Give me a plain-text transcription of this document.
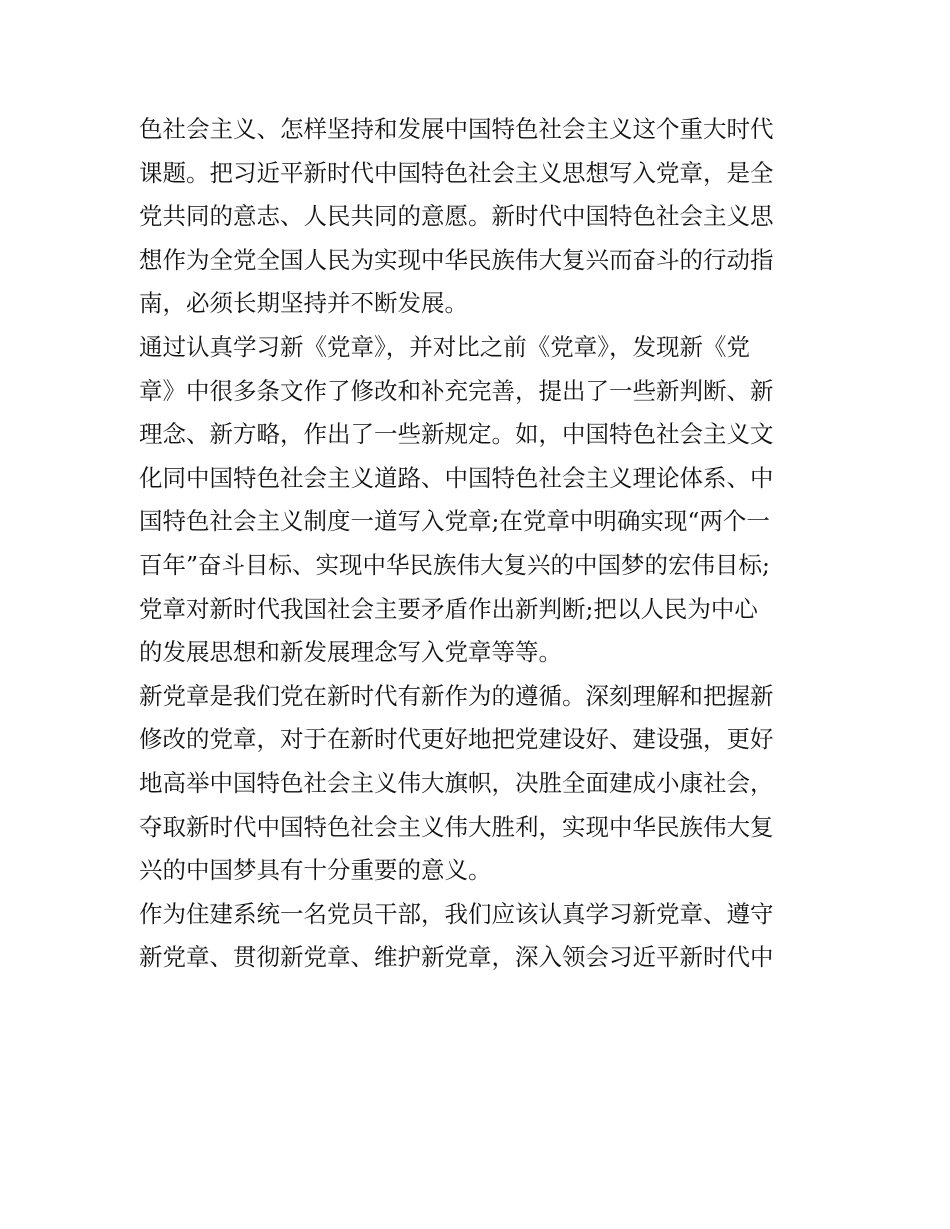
色社会主义、怎样坚持和发展中国特色社会主义这个重大时代
课题。把习近平新时代中国特色社会主义思想写入党章，是全
党共同的意志、人民共同的意愿。新时代中国特色社会主义思
想作为全党全国人民为实现中华民族伟大复兴而奋斗的行动指
南，必须长期坚持并不断发展。
通过认真学习新《党章》，并对比之前《党章》，发现新《党
章》中很多条文作了修改和补充完善，提出了一些新判断、新
理念、新方略，作出了一些新规定。如，中国特色社会主义文
化同中国特色社会主义道路、中国特色社会主义理论体系、中
国特色社会主义制度一道写入党章;在党章中明确实现“两个一
百年”奋斗目标、实现中华民族伟大复兴的中国梦的宏伟目标;
党章对新时代我国社会主要矛盾作出新判断;把以人民为中心
的发展思想和新发展理念写入党章等等。
新党章是我们党在新时代有新作为的遵循。深刻理解和把握新
修改的党章，对于在新时代更好地把党建设好、建设强，更好
地高举中国特色社会主义伟大旗帜，决胜全面建成小康社会，
夺取新时代中国特色社会主义伟大胜利，实现中华民族伟大复
兴的中国梦具有十分重要的意义。
作为住建系统一名党员干部，我们应该认真学习新党章、遵守
新党章、贯彻新党章、维护新党章，深入领会习近平新时代中
